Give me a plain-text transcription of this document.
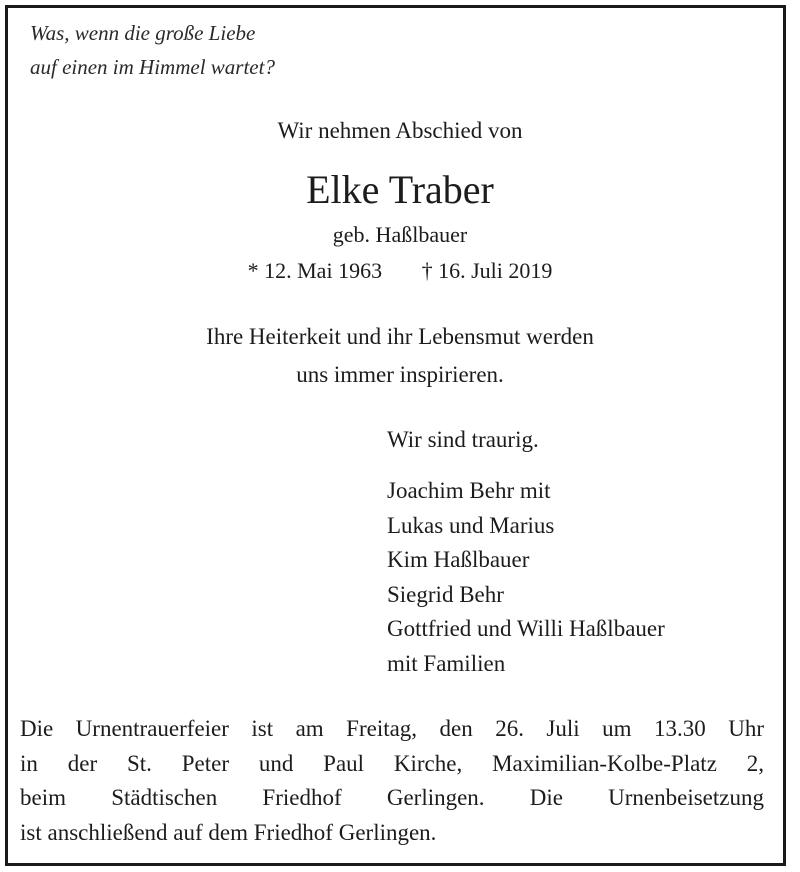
Was, wenn die große Liebe
auf einen im Himmel wartet?
Wir nehmen Abschied von
Elke Traber
geb. Haßlbauer
* 12. Mai 1963 † 16. Juli 2019
Ihre Heiterkeit und ihr Lebensmut werden
uns immer inspirieren.
Wir sind traurig.
Joachim Behr mit
Lukas und Marius
Kim Haßlbauer
Siegrid Behr
Gottfried und Willi Haßlbauer
mit Familien
Die Urnentrauerfeier ist am Freitag, den 26. Juli um 13.30 Uhr
in der St. Peter und Paul Kirche, Maximilian-Kolbe-Platz 2,
beim Städtischen Friedhof Gerlingen. Die Urnenbeisetzung
ist anschließend auf dem Friedhof Gerlingen.
